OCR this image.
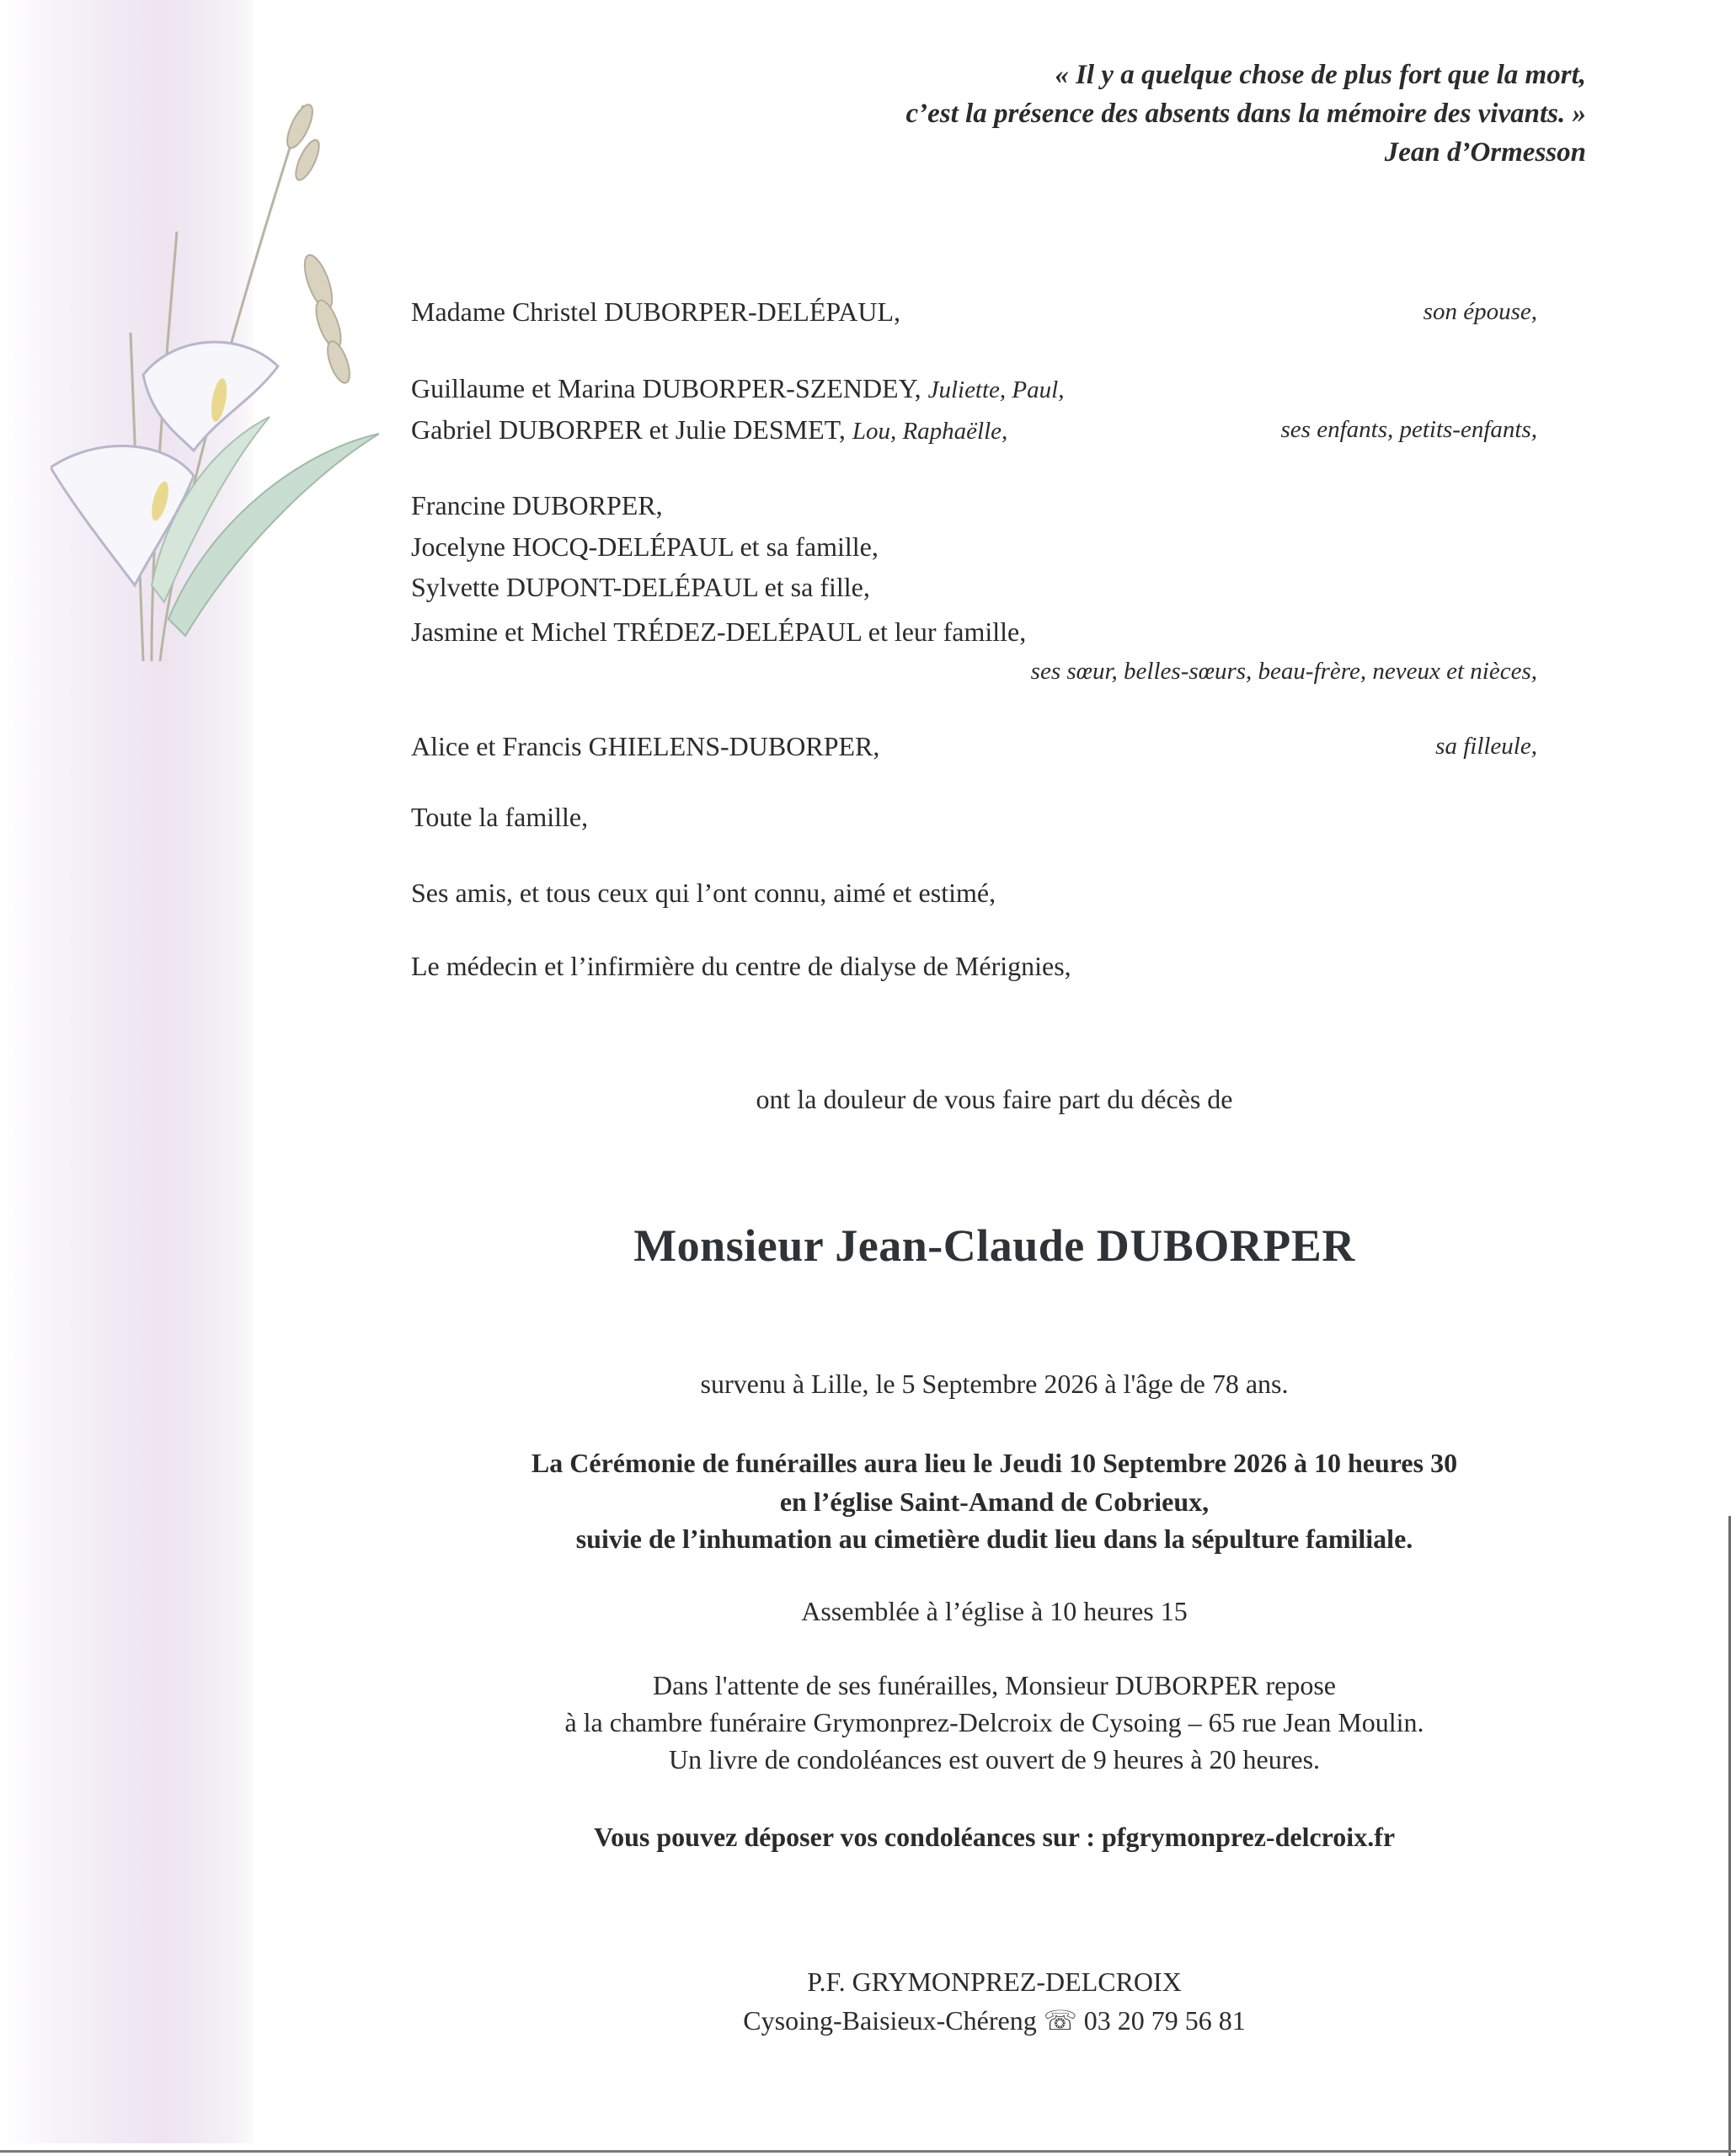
« Il y a quelque chose de plus fort que la mort,
c’est la présence des absents dans la mémoire des vivants. »
Jean d’Ormesson
Madame Christel DUBORPER-DELÉPAUL,	son épouse,
Guillaume et Marina DUBORPER-SZENDEY, Juliette, Paul,
Gabriel DUBORPER et Julie DESMET, Lou, Raphaëlle,	ses enfants, petits-enfants,
Francine DUBORPER,
Jocelyne HOCQ-DELÉPAUL et sa famille,
Sylvette DUPONT-DELÉPAUL et sa fille,
Jasmine et Michel TRÉDEZ-DELÉPAUL et leur famille,
ses sœur, belles-sœurs, beau-frère, neveux et nièces,
Alice et Francis GHIELENS-DUBORPER,	sa filleule,
Toute la famille,
Ses amis, et tous ceux qui l’ont connu, aimé et estimé,
Le médecin et l’infirmière du centre de dialyse de Mérignies,
ont la douleur de vous faire part du décès de
Monsieur Jean-Claude DUBORPER
survenu à Lille, le 5 Septembre 2026 à l'âge de 78 ans.
La Cérémonie de funérailles aura lieu le Jeudi 10 Septembre 2026 à 10 heures 30
en l’église Saint-Amand de Cobrieux,
suivie de l’inhumation au cimetière dudit lieu dans la sépulture familiale.
Assemblée à l’église à 10 heures 15
Dans l'attente de ses funérailles, Monsieur DUBORPER repose
à la chambre funéraire Grymonprez-Delcroix de Cysoing – 65 rue Jean Moulin.
Un livre de condoléances est ouvert de 9 heures à 20 heures.
Vous pouvez déposer vos condoléances sur : pfgrymonprez-delcroix.fr
P.F. GRYMONPREZ-DELCROIX
Cysoing-Baisieux-Chéreng ☏ 03 20 79 56 81
